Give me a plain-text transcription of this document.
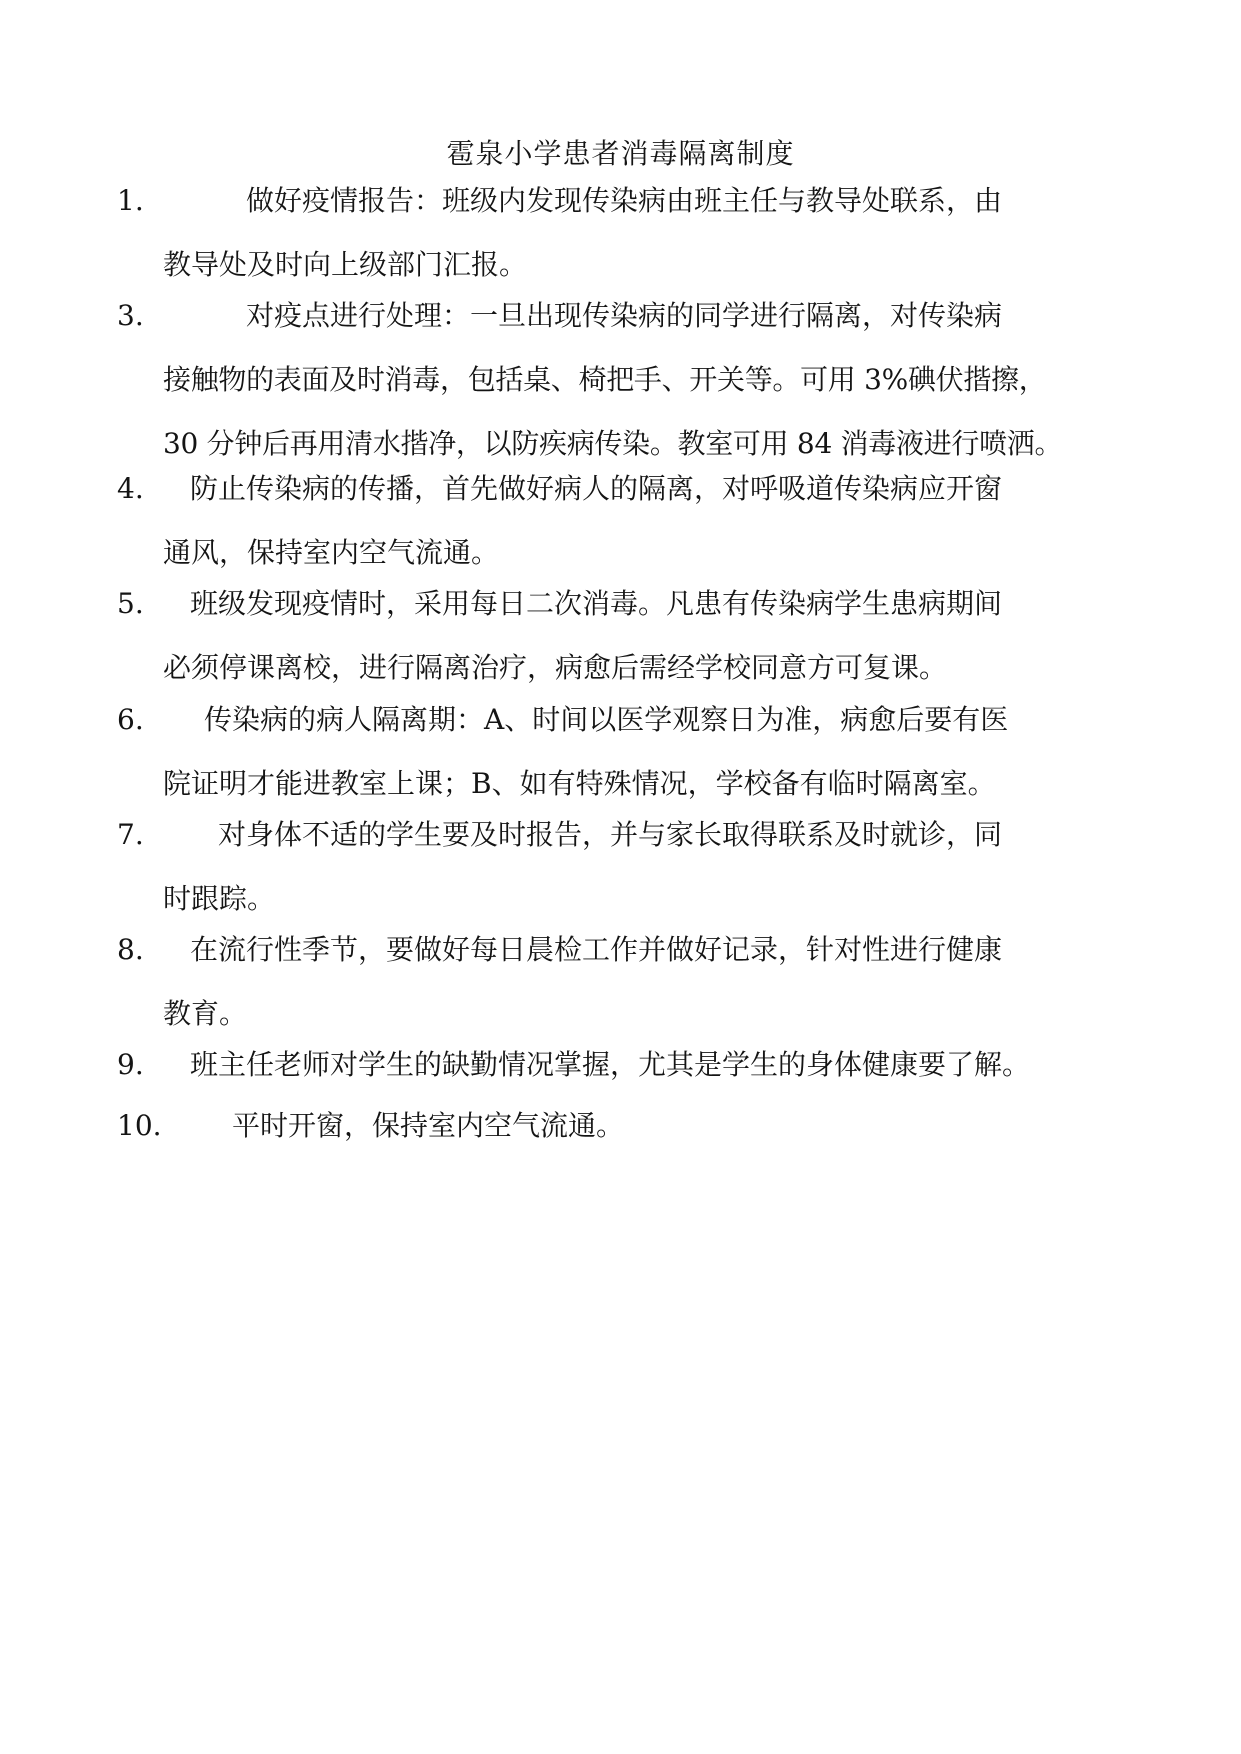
雹泉小学患者消毒隔离制度
1.	做好疫情报告：班级内发现传染病由班主任与教导处联系，由
教导处及时向上级部门汇报。
3.	对疫点进行处理：一旦出现传染病的同学进行隔离，对传染病
接触物的表面及时消毒，包括桌、椅把手、开关等。可用 3%碘伏揩擦，
30 分钟后再用清水揩净，以防疾病传染。教室可用 84 消毒液进行喷洒。
4. 防止传染病的传播，首先做好病人的隔离，对呼吸道传染病应开窗
通风，保持室内空气流通。
5. 班级发现疫情时，采用每日二次消毒。凡患有传染病学生患病期间
必须停课离校，进行隔离治疗，病愈后需经学校同意方可复课。
6. 传染病的病人隔离期：A、时间以医学观察日为准，病愈后要有医
院证明才能进教室上课；B、如有特殊情况，学校备有临时隔离室。
7.	对身体不适的学生要及时报告，并与家长取得联系及时就诊，同
时跟踪。
8. 在流行性季节，要做好每日晨检工作并做好记录，针对性进行健康
教育。
9. 班主任老师对学生的缺勤情况掌握，尤其是学生的身体健康要了解。
10.	平时开窗，保持室内空气流通。
